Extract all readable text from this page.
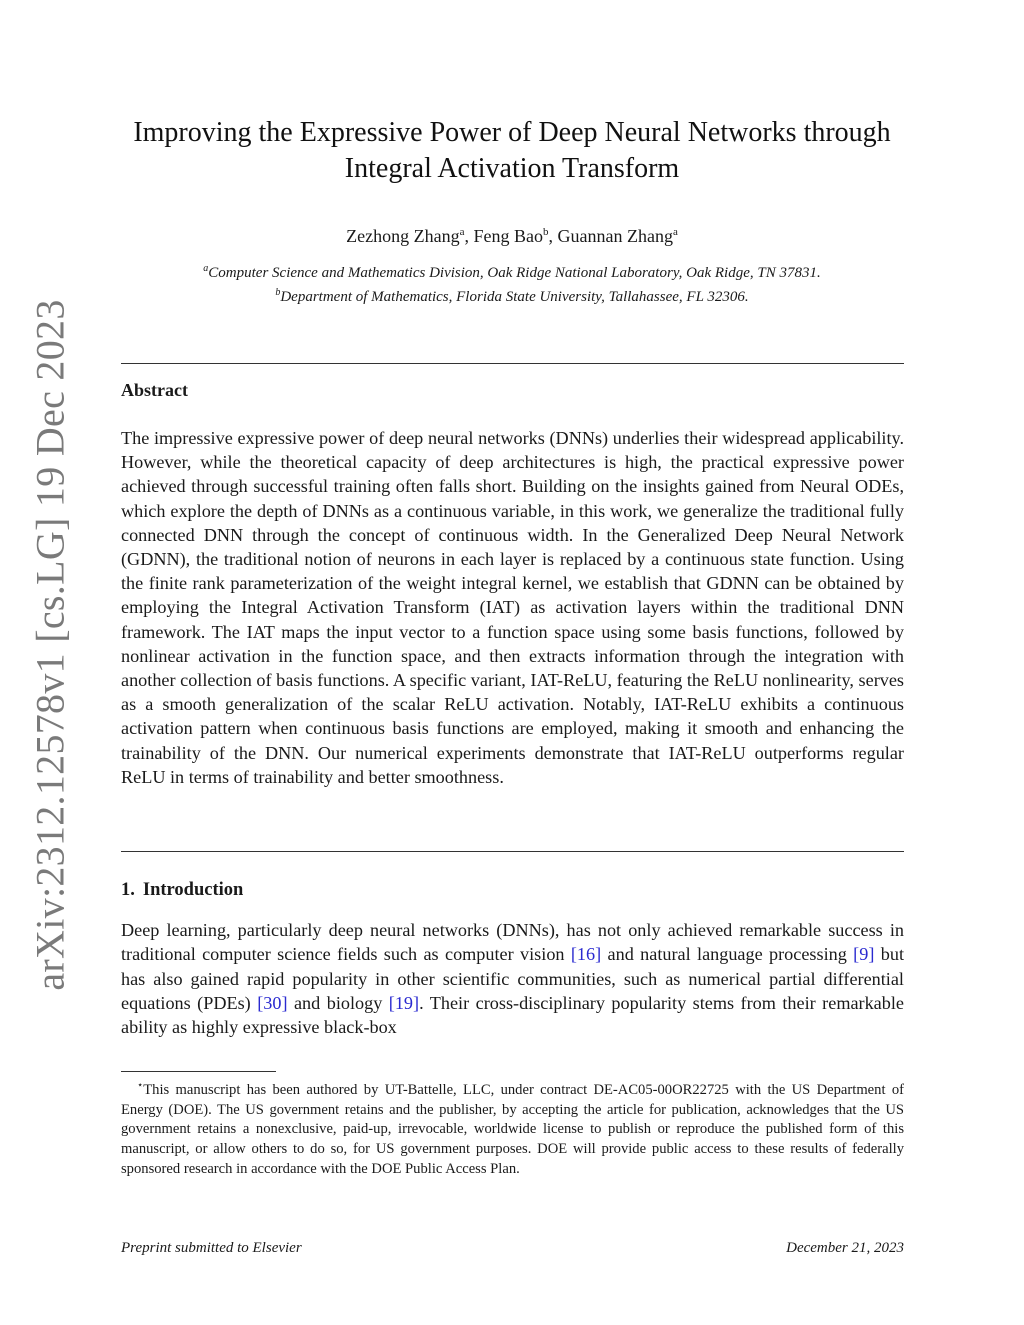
arXiv:2312.12578v1 [cs.LG] 19 Dec 2023
Improving the Expressive Power of Deep Neural Networks through
Integral Activation Transform
Zezhong Zhang$^a$, Feng Bao$^b$, Guannan Zhang$^a$
$^a$Computer Science and Mathematics Division, Oak Ridge National Laboratory, Oak Ridge, TN 37831.
$^b$Department of Mathematics, Florida State University, Tallahassee, FL 32306.
Abstract
The impressive expressive power of deep neural networks (DNNs) underlies their widespread applicability. However, while the theoretical capacity of deep architectures is high, the practical expressive power achieved through successful training often falls short. Building on the insights gained from Neural ODEs, which explore the depth of DNNs as a continuous variable, in this work, we generalize the traditional fully connected DNN through the concept of continuous width. In the Generalized Deep Neural Network (GDNN), the traditional notion of neurons in each layer is replaced by a continuous state function. Using the finite rank parameterization of the weight integral kernel, we establish that GDNN can be obtained by employing the Integral Activation Transform (IAT) as activation layers within the traditional DNN framework. The IAT maps the input vector to a function space using some basis functions, followed by nonlinear activation in the function space, and then extracts information through the integration with another collection of basis functions. A specific variant, IAT-ReLU, featuring the ReLU nonlinearity, serves as a smooth generalization of the scalar ReLU activation. Notably, IAT-ReLU exhibits a continuous activation pattern when continuous basis functions are employed, making it smooth and enhancing the trainability of the DNN. Our numerical experiments demonstrate that IAT-ReLU outperforms regular ReLU in terms of trainability and better smoothness.
1. Introduction
Deep learning, particularly deep neural networks (DNNs), has not only achieved remarkable success in traditional computer science fields such as computer vision [16] and natural language processing [9] but has also gained rapid popularity in other scientific communities, such as numerical partial differential equations (PDEs) [30] and biology [19]. Their cross-disciplinary popularity stems from their remarkable ability as highly expressive black-box
⋆This manuscript has been authored by UT-Battelle, LLC, under contract DE-AC05-00OR22725 with the US Department of Energy (DOE). The US government retains and the publisher, by accepting the article for publication, acknowledges that the US government retains a nonexclusive, paid-up, irrevocable, worldwide license to publish or reproduce the published form of this manuscript, or allow others to do so, for US government purposes. DOE will provide public access to these results of federally sponsored research in accordance with the DOE Public Access Plan.
Preprint submitted to Elsevier	December 21, 2023
